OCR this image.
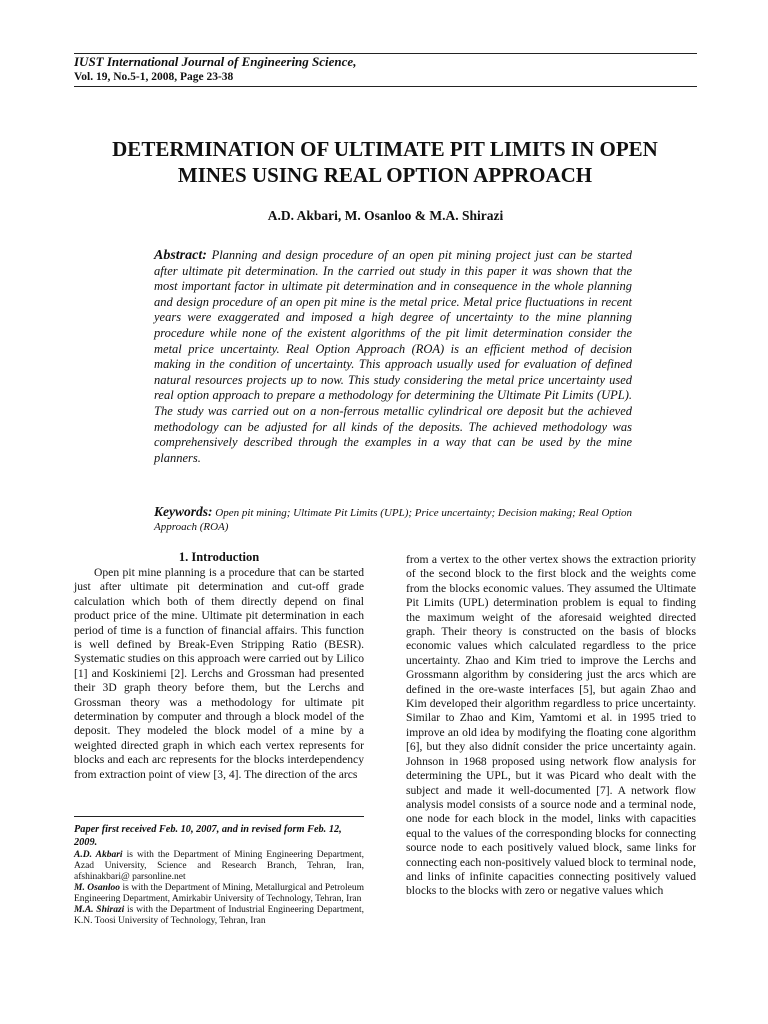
IUST International Journal of Engineering Science,
Vol. 19, No.5-1, 2008, Page 23-38
DETERMINATION OF ULTIMATE PIT LIMITS IN OPEN
MINES USING REAL OPTION APPROACH
A.D. Akbari, M. Osanloo & M.A. Shirazi
Abstract: Planning and design procedure of an open pit mining project just can be started after ultimate pit determination. In the carried out study in this paper it was shown that the most important factor in ultimate pit determination and in consequence in the whole planning and design procedure of an open pit mine is the metal price. Metal price fluctuations in recent years were exaggerated and imposed a high degree of uncertainty to the mine planning procedure while none of the existent algorithms of the pit limit determination consider the metal price uncertainty. Real Option Approach (ROA) is an efficient method of decision making in the condition of uncertainty. This approach usually used for evaluation of defined natural resources projects up to now. This study considering the metal price uncertainty used real option approach to prepare a methodology for determining the Ultimate Pit Limits (UPL). The study was carried out on a non-ferrous metallic cylindrical ore deposit but the achieved methodology can be adjusted for all kinds of the deposits. The achieved methodology was comprehensively described through the examples in a way that can be used by the mine planners.
Keywords: Open pit mining; Ultimate Pit Limits (UPL); Price uncertainty; Decision making; Real Option Approach (ROA)
1. Introduction

Open pit mine planning is a procedure that can be started just after ultimate pit determination and cut-off grade calculation which both of them directly depend on final product price of the mine. Ultimate pit determination in each period of time is a function of financial affairs. This function is well defined by Break-Even Stripping Ratio (BESR). Systematic studies on this approach were carried out by Lilico [1] and Koskiniemi [2]. Lerchs and Grossman had presented their 3D graph theory before them, but the Lerchs and Grossman theory was a methodology for ultimate pit determination by computer and through a block model of the deposit. They modeled the block model of a mine by a weighted directed graph in which each vertex represents for blocks and each arc represents for the blocks interdependency from extraction point of view [3, 4]. The direction of the arcs

from a vertex to the other vertex shows the extraction priority of the second block to the first block and the weights come from the blocks economic values. They assumed the Ultimate Pit Limits (UPL) determination problem is equal to finding the maximum weight of the aforesaid weighted directed graph. Their theory is constructed on the basis of blocks economic values which calculated regardless to the price uncertainty. Zhao and Kim tried to improve the Lerchs and Grossmann algorithm by considering just the arcs which are defined in the ore-waste interfaces [5], but again Zhao and Kim developed their algorithm regardless to price uncertainty. Similar to Zhao and Kim, Yamtomi et al. in 1995 tried to improve an old idea by modifying the floating cone algorithm [6], but they also didnít consider the price uncertainty again. Johnson in 1968 proposed using network flow analysis for determining the UPL, but it was Picard who dealt with the subject and made it well-documented [7]. A network flow analysis model consists of a source node and a terminal node, one node for each block in the model, links with capacities equal to the values of the corresponding blocks for connecting source node to each positively valued block, same links for connecting each non-positively valued block to terminal node, and links of infinite capacities connecting positively valued blocks to the blocks with zero or negative values which

Paper first received Feb. 10, 2007, and in revised form Feb. 12, 2009.

A.D. Akbari is with the Department of Mining Engineering Department, Azad University, Science and Research Branch, Tehran, Iran, afshinakbari@ parsonline.net

M. Osanloo is with the Department of Mining, Metallurgical and Petroleum Engineering Department, Amirkabir University of Technology, Tehran, Iran

M.A. Shirazi is with the Department of Industrial Engineering Department, K.N. Toosi University of Technology, Tehran, Iran
